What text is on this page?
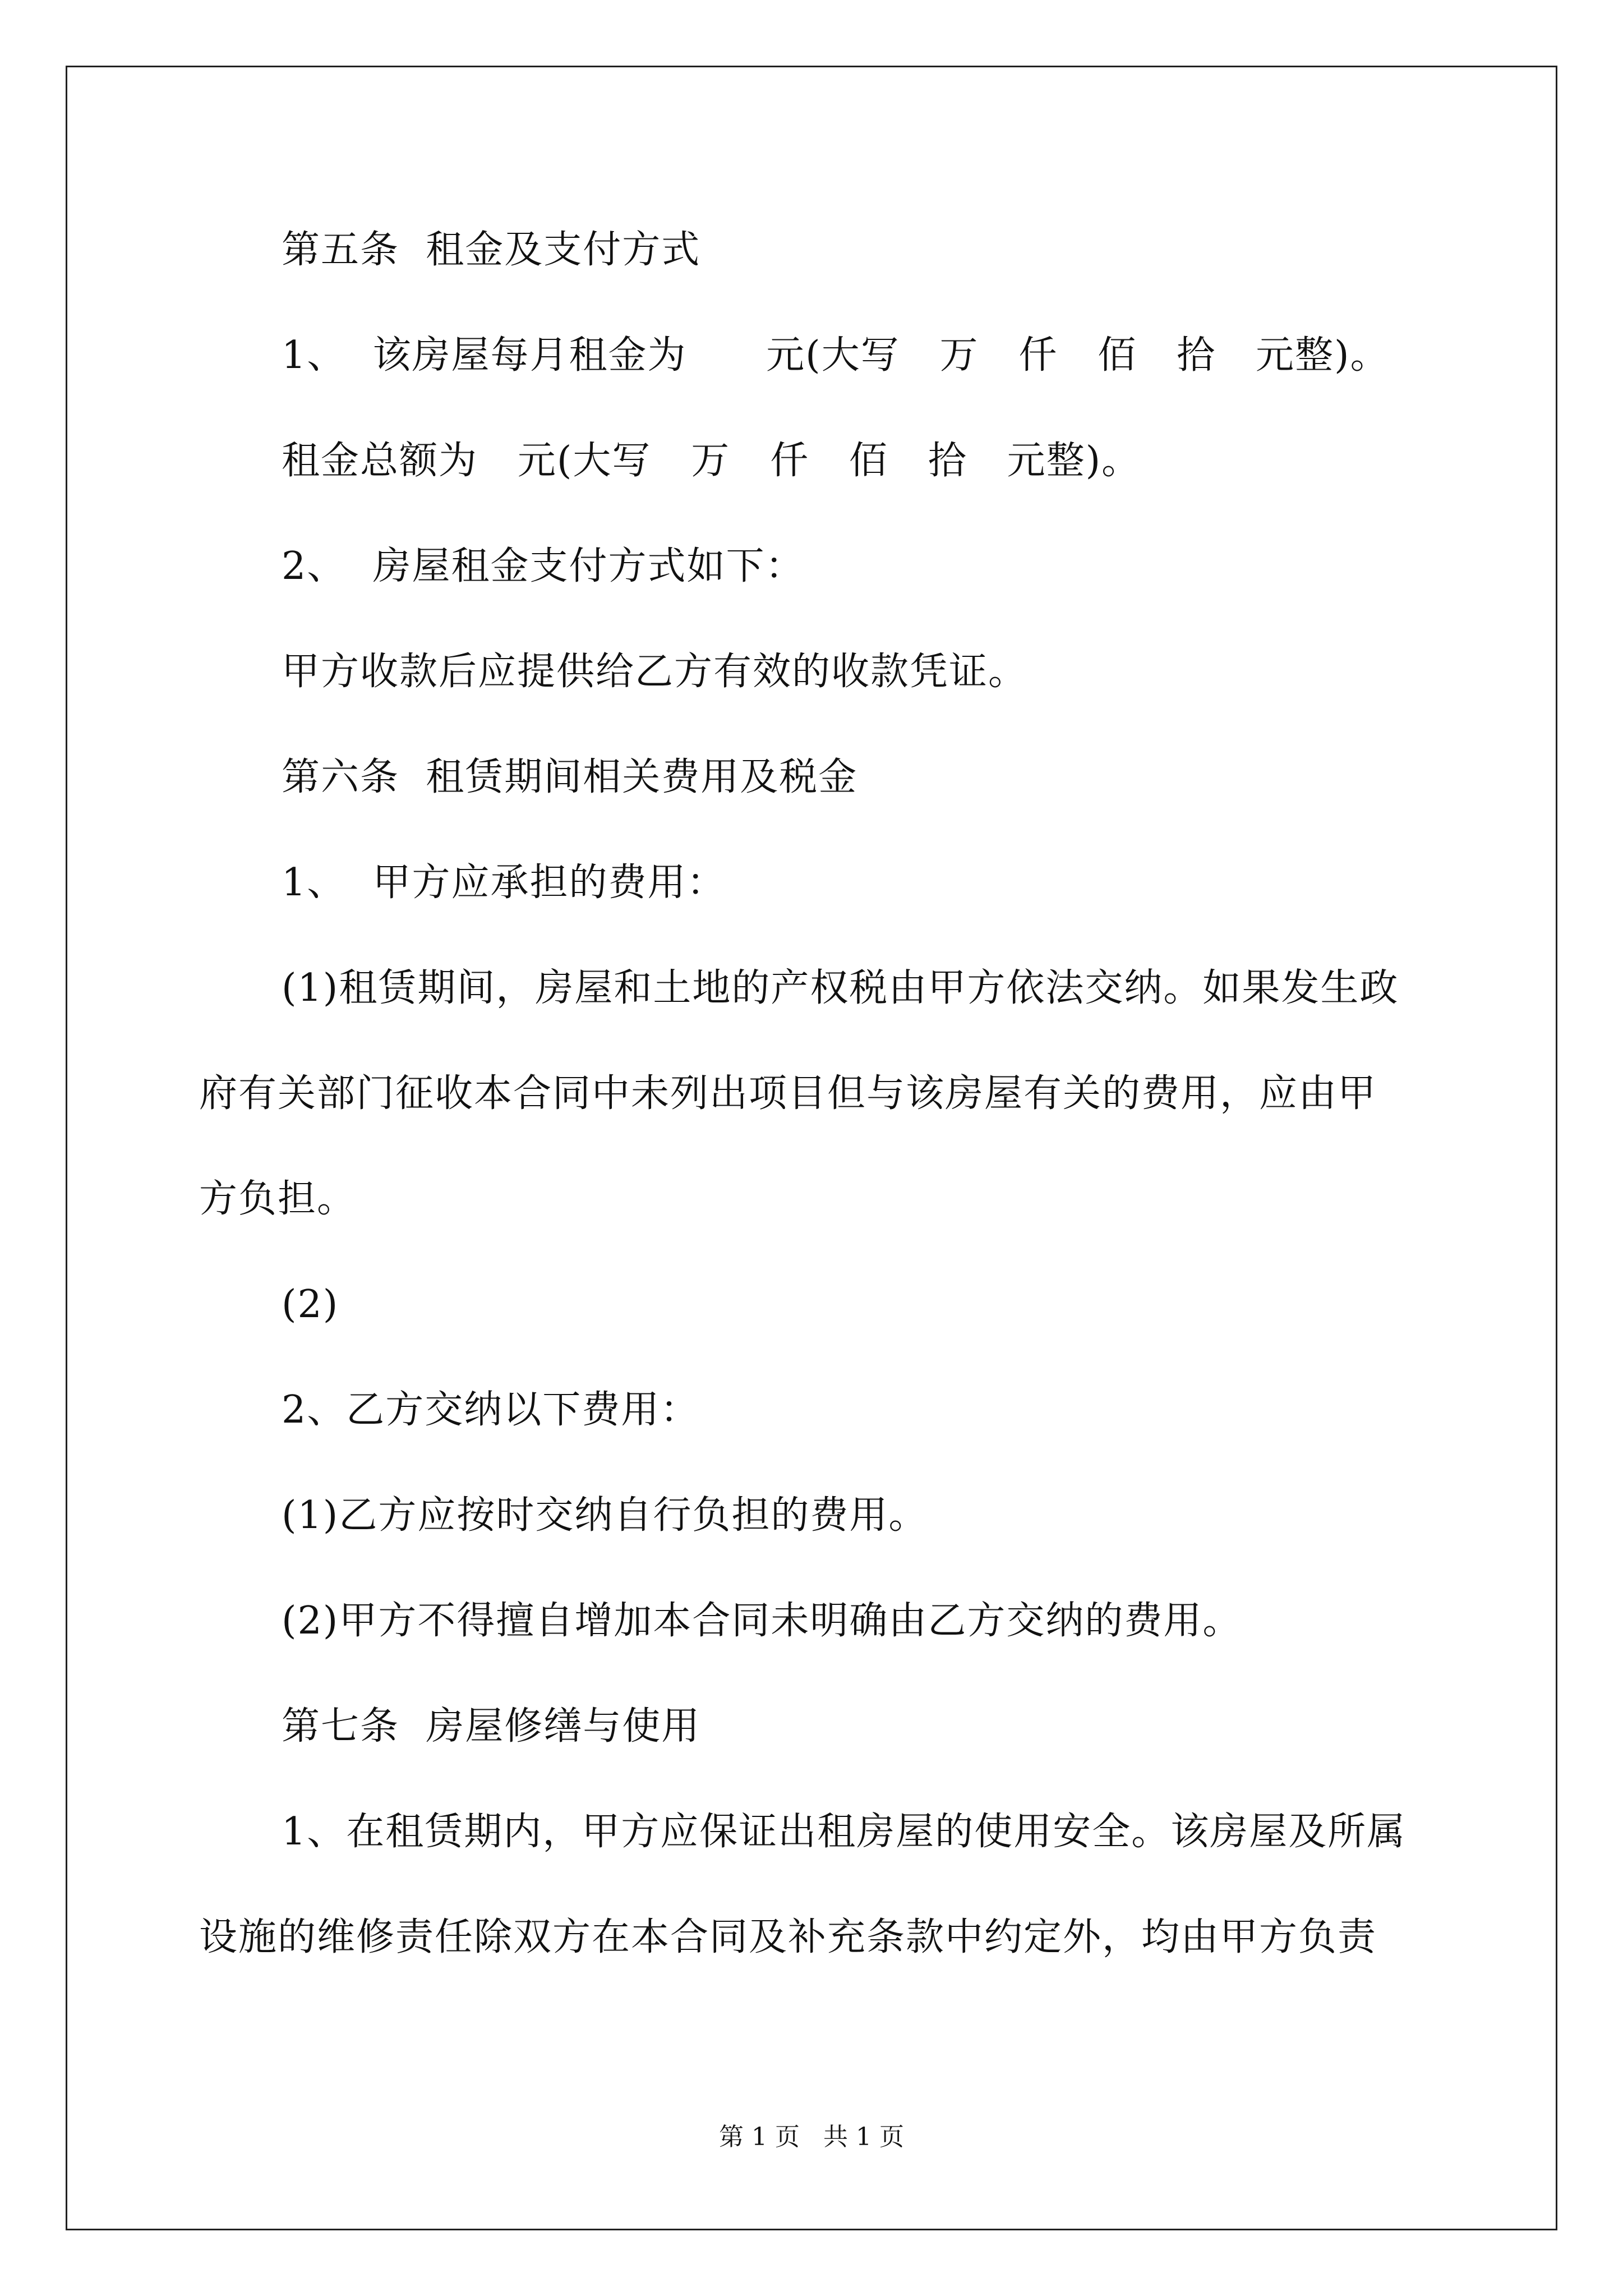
第五条  租金及支付方式
1、  该房屋每月租金为      元(大写   万   仟   佰   拾   元整)。
租金总额为   元(大写   万   仟   佰   拾   元整)。
2、  房屋租金支付方式如下：
甲方收款后应提供给乙方有效的收款凭证。
第六条  租赁期间相关费用及税金
1、  甲方应承担的费用：
(1)租赁期间，房屋和土地的产权税由甲方依法交纳。如果发生政
府有关部门征收本合同中未列出项目但与该房屋有关的费用，应由甲
方负担。
(2)
2、乙方交纳以下费用：
(1)乙方应按时交纳自行负担的费用。
(2)甲方不得擅自增加本合同未明确由乙方交纳的费用。
第七条  房屋修缮与使用
1、在租赁期内，甲方应保证出租房屋的使用安全。该房屋及所属
设施的维修责任除双方在本合同及补充条款中约定外，均由甲方负责
第 1 页   共 1 页
